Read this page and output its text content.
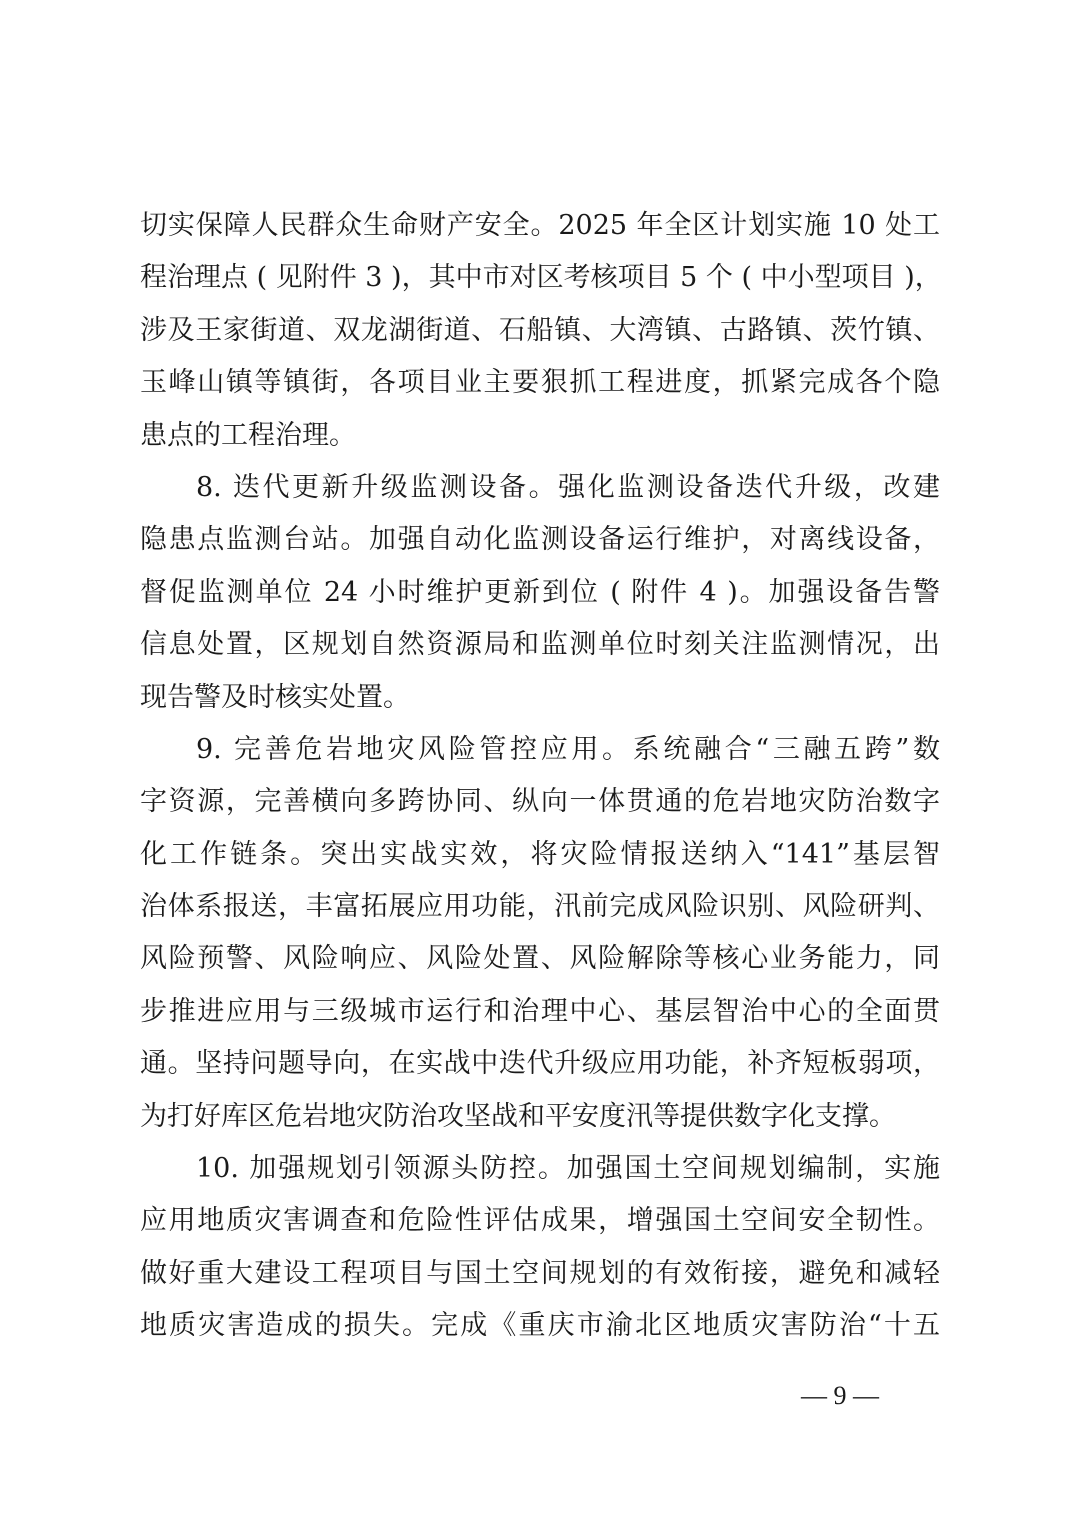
切实保障人民群众生命财产安全。2025 年全区计划实施 10 处工
程治理点 ( 见附件 3 )，其中市对区考核项目 5 个 ( 中小型项目 )，
涉及王家街道、双龙湖街道、石船镇、大湾镇、古路镇、茨竹镇、
玉峰山镇等镇街，各项目业主要狠抓工程进度，抓紧完成各个隐
患点的工程治理。
8. 迭代更新升级监测设备。强化监测设备迭代升级，改建
隐患点监测台站。加强自动化监测设备运行维护，对离线设备，
督促监测单位 24 小时维护更新到位 ( 附件 4 )。加强设备告警
信息处置，区规划自然资源局和监测单位时刻关注监测情况，出
现告警及时核实处置。
9. 完善危岩地灾风险管控应用。系统融合“三融五跨”数
字资源，完善横向多跨协同、纵向一体贯通的危岩地灾防治数字
化工作链条。突出实战实效，将灾险情报送纳入“141”基层智
治体系报送，丰富拓展应用功能，汛前完成风险识别、风险研判、
风险预警、风险响应、风险处置、风险解除等核心业务能力，同
步推进应用与三级城市运行和治理中心、基层智治中心的全面贯
通。坚持问题导向，在实战中迭代升级应用功能，补齐短板弱项，
为打好库区危岩地灾防治攻坚战和平安度汛等提供数字化支撑。
10. 加强规划引领源头防控。加强国土空间规划编制，实施
应用地质灾害调查和危险性评估成果，增强国土空间安全韧性。
做好重大建设工程项目与国土空间规划的有效衔接，避免和减轻
地质灾害造成的损失。完成《重庆市渝北区地质灾害防治“十五
— 9 —
